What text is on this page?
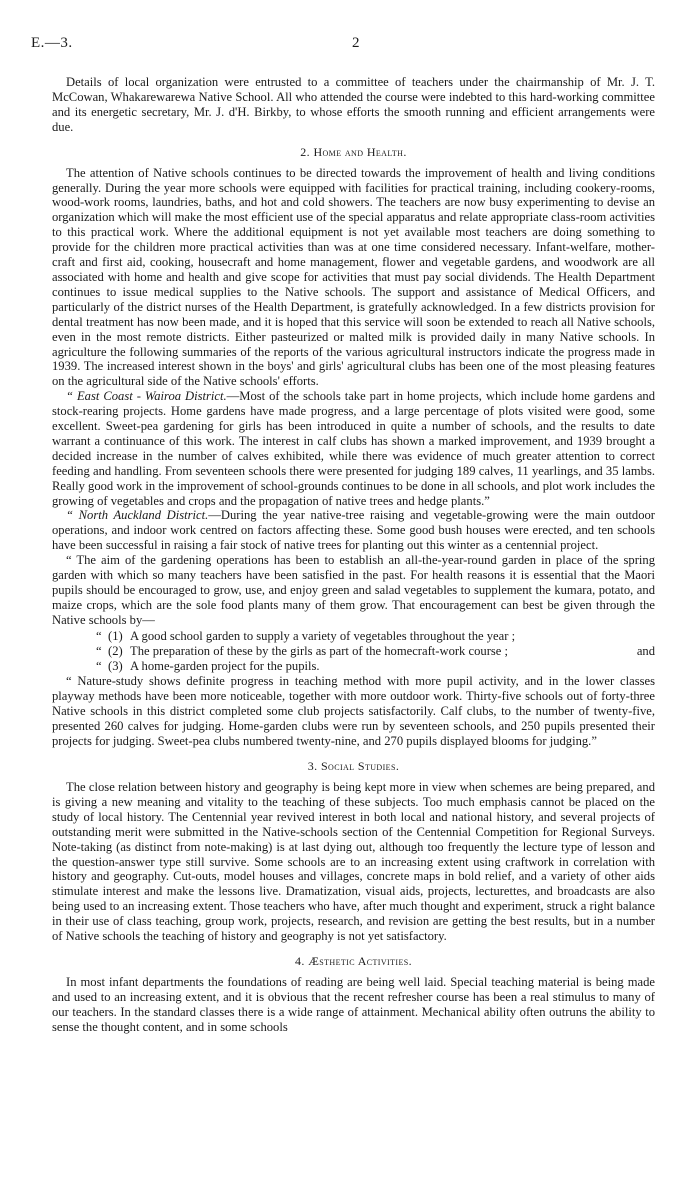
E.—3.	2

Details of local organization were entrusted to a committee of teachers under the chairmanship of Mr. J. T. McCowan, Whakarewarewa Native School. All who attended the course were indebted to this hard-working committee and its energetic secretary, Mr. J. d'H. Birkby, to whose efforts the smooth running and efficient arrangements were due.

2. Home and Health.

The attention of Native schools continues to be directed towards the improvement of health and living conditions generally. During the year more schools were equipped with facilities for practical training, including cookery-rooms, wood-work rooms, laundries, baths, and hot and cold showers. The teachers are now busy experimenting to devise an organization which will make the most efficient use of the special apparatus and relate appropriate class-room activities to this practical work. Where the additional equipment is not yet available most teachers are doing something to provide for the children more practical activities than was at one time considered necessary. Infant-welfare, mother-craft and first aid, cooking, housecraft and home management, flower and vegetable gardens, and woodwork are all associated with home and health and give scope for activities that must pay social dividends. The Health Department continues to issue medical supplies to the Native schools. The support and assistance of Medical Officers, and particularly of the district nurses of the Health Department, is gratefully acknowledged. In a few districts provision for dental treatment has now been made, and it is hoped that this service will soon be extended to reach all Native schools, even in the most remote districts. Either pasteurized or malted milk is provided daily in many Native schools. In agriculture the following summaries of the reports of the various agricultural instructors indicate the progress made in 1939. The increased interest shown in the boys' and girls' agricultural clubs has been one of the most pleasing features on the agricultural side of the Native schools' efforts.

“ East Coast - Wairoa District.—Most of the schools take part in home projects, which include home gardens and stock-rearing projects. Home gardens have made progress, and a large percentage of plots visited were good, some excellent. Sweet-pea gardening for girls has been introduced in quite a number of schools, and the results to date warrant a continuance of this work. The interest in calf clubs has shown a marked improvement, and 1939 brought a decided increase in the number of calves exhibited, while there was evidence of much greater attention to correct feeding and handling. From seventeen schools there were presented for judging 189 calves, 11 yearlings, and 35 lambs. Really good work in the improvement of school-grounds continues to be done in all schools, and plot work includes the growing of vegetables and crops and the propagation of native trees and hedge plants.”

“ North Auckland District.—During the year native-tree raising and vegetable-growing were the main outdoor operations, and indoor work centred on factors affecting these. Some good bush houses were erected, and ten schools have been successful in raising a fair stock of native trees for planting out this winter as a centennial project.

“ The aim of the gardening operations has been to establish an all-the-year-round garden in place of the spring garden with which so many teachers have been satisfied in the past. For health reasons it is essential that the Maori pupils should be encouraged to grow, use, and enjoy green and salad vegetables to supplement the kumara, potato, and maize crops, which are the sole food plants many of them grow. That encouragement can best be given through the Native schools by—

“ (1) A good school garden to supply a variety of vegetables throughout the year ;
“ (2) The preparation of these by the girls as part of the homecraft-work course ;	and
“ (3) A home-garden project for the pupils.

“ Nature-study shows definite progress in teaching method with more pupil activity, and in the lower classes playway methods have been more noticeable, together with more outdoor work. Thirty-five schools out of forty-three Native schools in this district completed some club projects satisfactorily. Calf clubs, to the number of twenty-five, presented 260 calves for judging. Home-garden clubs were run by seventeen schools, and 250 pupils presented their projects for judging. Sweet-pea clubs numbered twenty-nine, and 270 pupils displayed blooms for judging.”

3. Social Studies.

The close relation between history and geography is being kept more in view when schemes are being prepared, and is giving a new meaning and vitality to the teaching of these subjects. Too much emphasis cannot be placed on the study of local history. The Centennial year revived interest in both local and national history, and several projects of outstanding merit were submitted in the Native-schools section of the Centennial Competition for Regional Surveys. Note-taking (as distinct from note-making) is at last dying out, although too frequently the lecture type of lesson and the question-answer type still survive. Some schools are to an increasing extent using craftwork in correlation with history and geography. Cut-outs, model houses and villages, concrete maps in bold relief, and a variety of other aids stimulate interest and make the lessons live. Dramatization, visual aids, projects, lecturettes, and broadcasts are also being used to an increasing extent. Those teachers who have, after much thought and experiment, struck a right balance in their use of class teaching, group work, projects, research, and revision are getting the best results, but in a number of Native schools the teaching of history and geography is not yet satisfactory.

4. Æsthetic Activities.

In most infant departments the foundations of reading are being well laid. Special teaching material is being made and used to an increasing extent, and it is obvious that the recent refresher course has been a real stimulus to many of our teachers. In the standard classes there is a wide range of attainment. Mechanical ability often outruns the ability to sense the thought content, and in some schools
